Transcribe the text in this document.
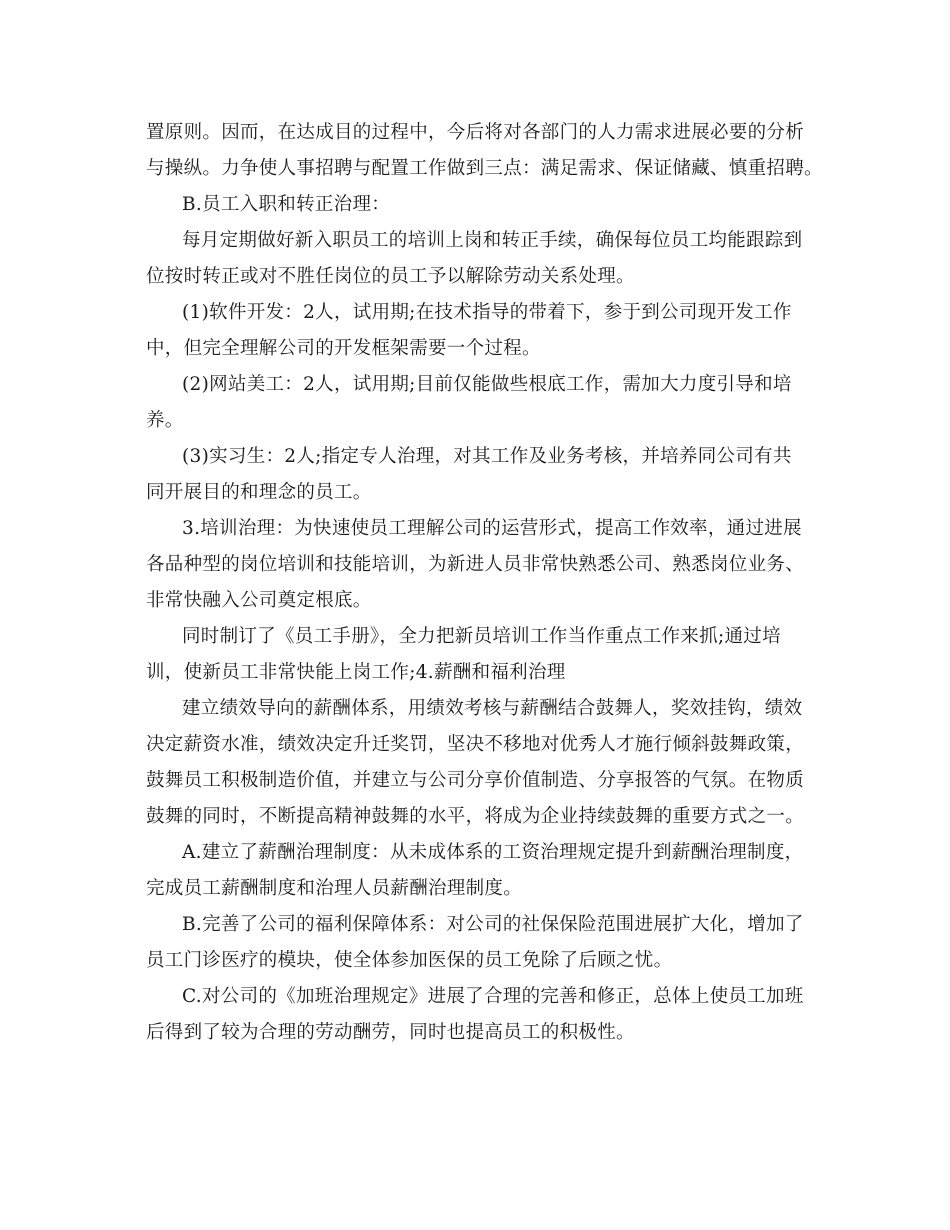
置原则。因而，在达成目的过程中，今后将对各部门的人力需求进展必要的分析
与操纵。力争使人事招聘与配置工作做到三点：满足需求、保证储藏、慎重招聘。
B.员工入职和转正治理：
每月定期做好新入职员工的培训上岗和转正手续，确保每位员工均能跟踪到
位按时转正或对不胜任岗位的员工予以解除劳动关系处理。
(1)软件开发：2人，试用期;在技术指导的带着下，参于到公司现开发工作
中，但完全理解公司的开发框架需要一个过程。
(2)网站美工：2人，试用期;目前仅能做些根底工作，需加大力度引导和培
养。
(3)实习生：2人;指定专人治理，对其工作及业务考核，并培养同公司有共
同开展目的和理念的员工。
3.培训治理：为快速使员工理解公司的运营形式，提高工作效率，通过进展
各品种型的岗位培训和技能培训，为新进人员非常快熟悉公司、熟悉岗位业务、
非常快融入公司奠定根底。
同时制订了《员工手册》，全力把新员培训工作当作重点工作来抓;通过培
训，使新员工非常快能上岗工作;4.薪酬和福利治理
建立绩效导向的薪酬体系，用绩效考核与薪酬结合鼓舞人，奖效挂钩，绩效
决定薪资水准，绩效决定升迁奖罚，坚决不移地对优秀人才施行倾斜鼓舞政策，
鼓舞员工积极制造价值，并建立与公司分享价值制造、分享报答的气氛。在物质
鼓舞的同时，不断提高精神鼓舞的水平，将成为企业持续鼓舞的重要方式之一。
A.建立了薪酬治理制度：从未成体系的工资治理规定提升到薪酬治理制度，
完成员工薪酬制度和治理人员薪酬治理制度。
B.完善了公司的福利保障体系：对公司的社保保险范围进展扩大化，增加了
员工门诊医疗的模块，使全体参加医保的员工免除了后顾之忧。
C.对公司的《加班治理规定》进展了合理的完善和修正，总体上使员工加班
后得到了较为合理的劳动酬劳，同时也提高员工的积极性。
